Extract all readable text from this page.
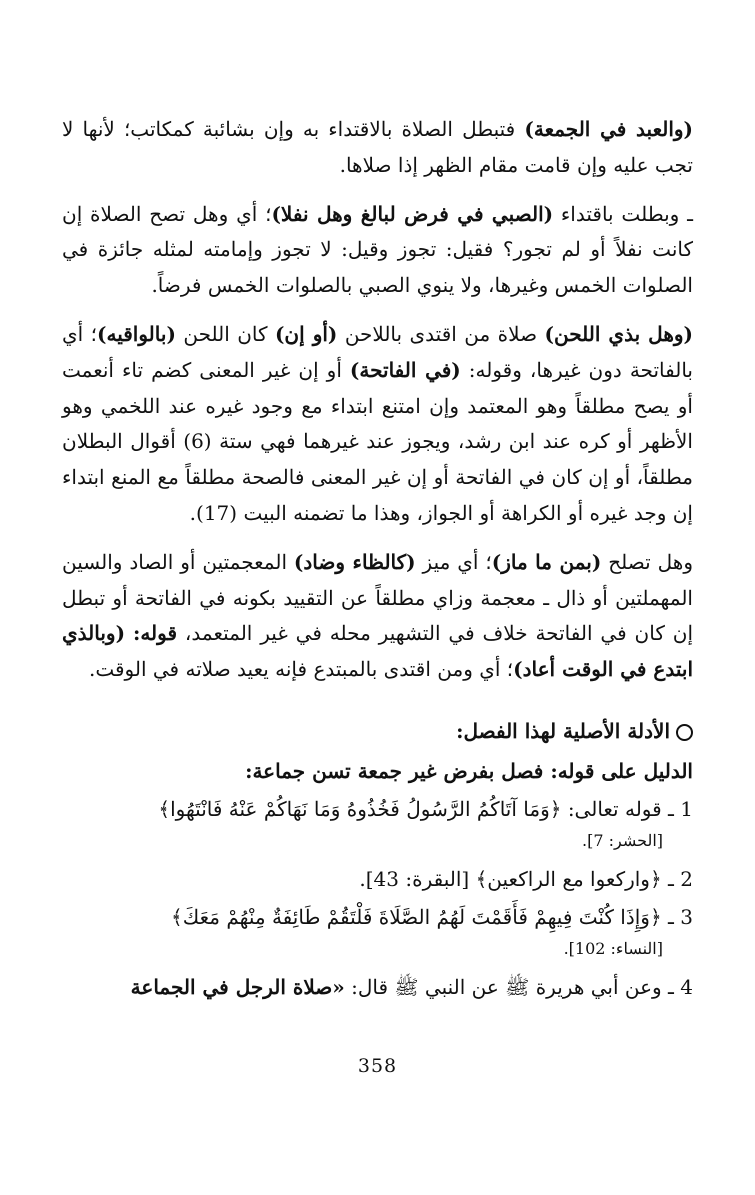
(والعبد في الجمعة) فتبطل الصلاة بالاقتداء به وإن بشائبة كمكاتب؛ لأنها لا تجب عليه وإن قامت مقام الظهر إذا صلاها.

ـ وبطلت باقتداء (الصبي في فرض لبالغ وهل نفلا)؛ أي وهل تصح الصلاة إن كانت نفلاً أو لم تجور؟ فقيل: تجوز وقيل: لا تجوز وإمامته لمثله جائزة في الصلوات الخمس وغيرها، ولا ينوي الصبي بالصلوات الخمس فرضاً.

(وهل بذي اللحن) صلاة من اقتدى باللاحن (أو إن) كان اللحن (بالواقيه)؛ أي بالفاتحة دون غيرها، وقوله: (في الفاتحة) أو إن غير المعنى كضم تاء أنعمت أو يصح مطلقاً وهو المعتمد وإن امتنع ابتداء مع وجود غيره عند اللخمي وهو الأظهر أو كره عند ابن رشد، ويجوز عند غيرهما فهي ستة (6) أقوال البطلان مطلقاً، أو إن كان في الفاتحة أو إن غير المعنى فالصحة مطلقاً مع المنع ابتداء إن وجد غيره أو الكراهة أو الجواز، وهذا ما تضمنه البيت (17).

وهل تصلح (بمن ما ماز)؛ أي ميز (كالظاء وضاد) المعجمتين أو الصاد والسين المهملتين أو ذال ـ معجمة وزاي مطلقاً عن التقييد بكونه في الفاتحة أو تبطل إن كان في الفاتحة خلاف في التشهير محله في غير المتعمد، قوله: (وبالذي ابتدع في الوقت أعاد)؛ أي ومن اقتدى بالمبتدع فإنه يعيد صلاته في الوقت.

الأدلة الأصلية لهذا الفصل:
الدليل على قوله: فصل بفرض غير جمعة تسن جماعة:
1 ـ قوله تعالى: ﴿وَمَا آتَاكُمُ الرَّسُولُ فَخُذُوهُ وَمَا نَهَاكُمْ عَنْهُ فَانْتَهُوا﴾
[الحشر: 7].
2 ـ ﴿واركعوا مع الراكعين﴾ [البقرة: 43].
3 ـ ﴿وَإِذَا كُنْتَ فِيهِمْ فَأَقَمْتَ لَهُمُ الصَّلَاةَ فَلْتَقُمْ طَائِفَةٌ مِنْهُمْ مَعَكَ﴾
[النساء: 102].
4 ـ وعن أبي هريرة ﷺ عن النبي ﷺ قال: «صلاة الرجل في الجماعة
358
